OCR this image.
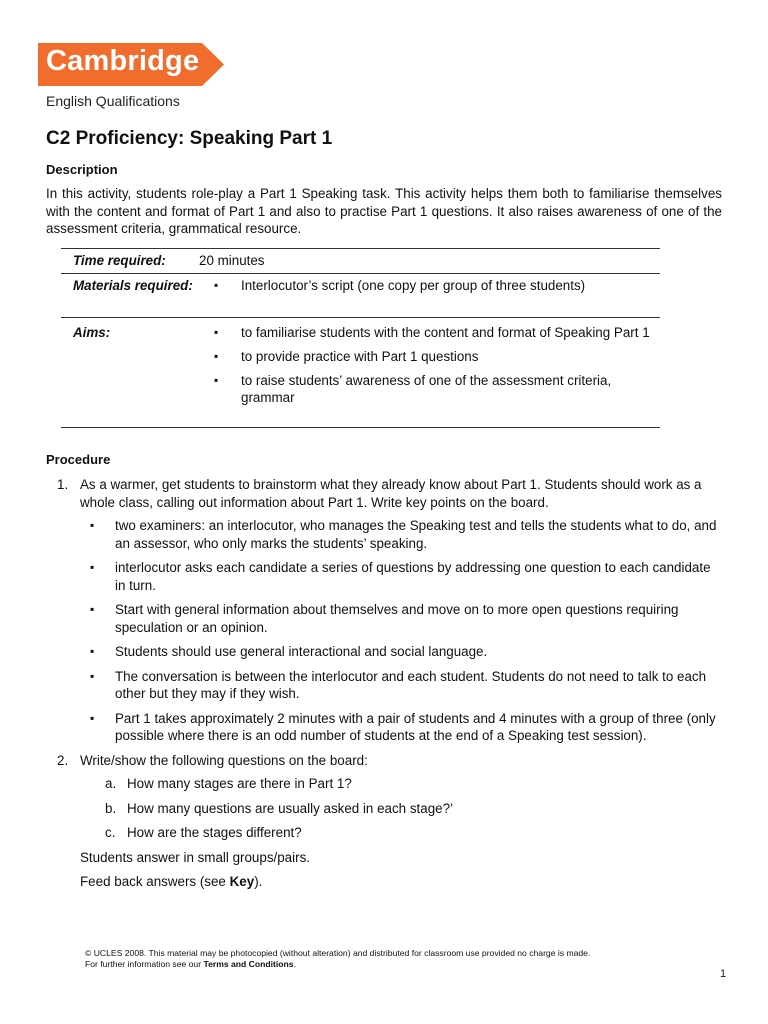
Cambridge
English Qualifications
C2 Proficiency: Speaking Part 1
Description

In this activity, students role-play a Part 1 Speaking task. This activity helps them both to familiarise themselves with the content and format of Part 1 and also to practise Part 1 questions. It also raises awareness of one of the assessment criteria, grammatical resource.

Time required:	20 minutes
Materials required:	▪ Interlocutor’s script (one copy per group of three students)
Aims:	▪ to familiarise students with the content and format of Speaking Part 1
▪ to provide practice with Part 1 questions
▪ to raise students’ awareness of one of the assessment criteria, grammar
Procedure
1. As a warmer, get students to brainstorm what they already know about Part 1. Students should work as a whole class, calling out information about Part 1. Write key points on the board.

▪ two examiners: an interlocutor, who manages the Speaking test and tells the students what to do, and an assessor, who only marks the students’ speaking.
▪ interlocutor asks each candidate a series of questions by addressing one question to each candidate in turn.
▪ Start with general information about themselves and move on to more open questions requiring speculation or an opinion.
▪ Students should use general interactional and social language.
▪ The conversation is between the interlocutor and each student. Students do not need to talk to each other but they may if they wish.
▪ Part 1 takes approximately 2 minutes with a pair of students and 4 minutes with a group of three (only possible where there is an odd number of students at the end of a Speaking test session).
2. Write/show the following questions on the board:

a. How many stages are there in Part 1?
b. How many questions are usually asked in each stage?’
c. How are the stages different?

Students answer in small groups/pairs.

Feed back answers (see Key).

© UCLES 2008. This material may be photocopied (without alteration) and distributed for classroom use provided no charge is made.
For further information see our Terms and Conditions.
1
